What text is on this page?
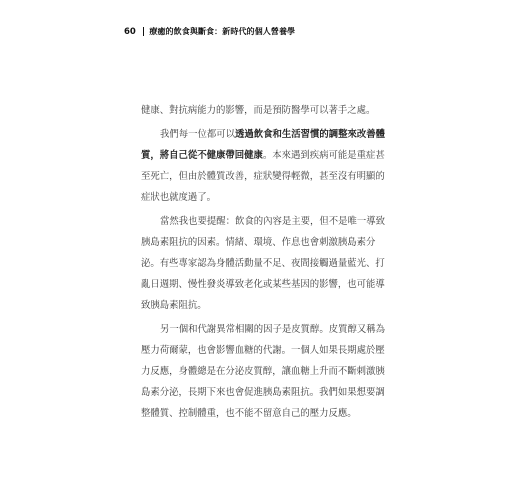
60 療癒的飲食與斷食：新時代的個人營養學

健康、對抗病能力的影響，而是預防醫學可以著手之處。

我們每一位都可以透過飲食和生活習慣的調整來改善體
質，將自己從不健康帶回健康。本來遇到疾病可能是重症甚
至死亡，但由於體質改善，症狀變得輕微，甚至沒有明顯的
症狀也就度過了。

當然我也要提醒：飲食的內容是主要，但不是唯一導致
胰島素阻抗的因素。情緒、環境、作息也會刺激胰島素分
泌。有些專家認為身體活動量不足、夜間接觸過量藍光、打
亂日週期、慢性發炎導致老化或某些基因的影響，也可能導
致胰島素阻抗。

另一個和代謝異常相關的因子是皮質醇。皮質醇又稱為
壓力荷爾蒙，也會影響血糖的代謝。一個人如果長期處於壓
力反應，身體總是在分泌皮質醇，讓血糖上升而不斷刺激胰
島素分泌，長期下來也會促進胰島素阻抗。我們如果想要調
整體質、控制體重，也不能不留意自己的壓力反應。
